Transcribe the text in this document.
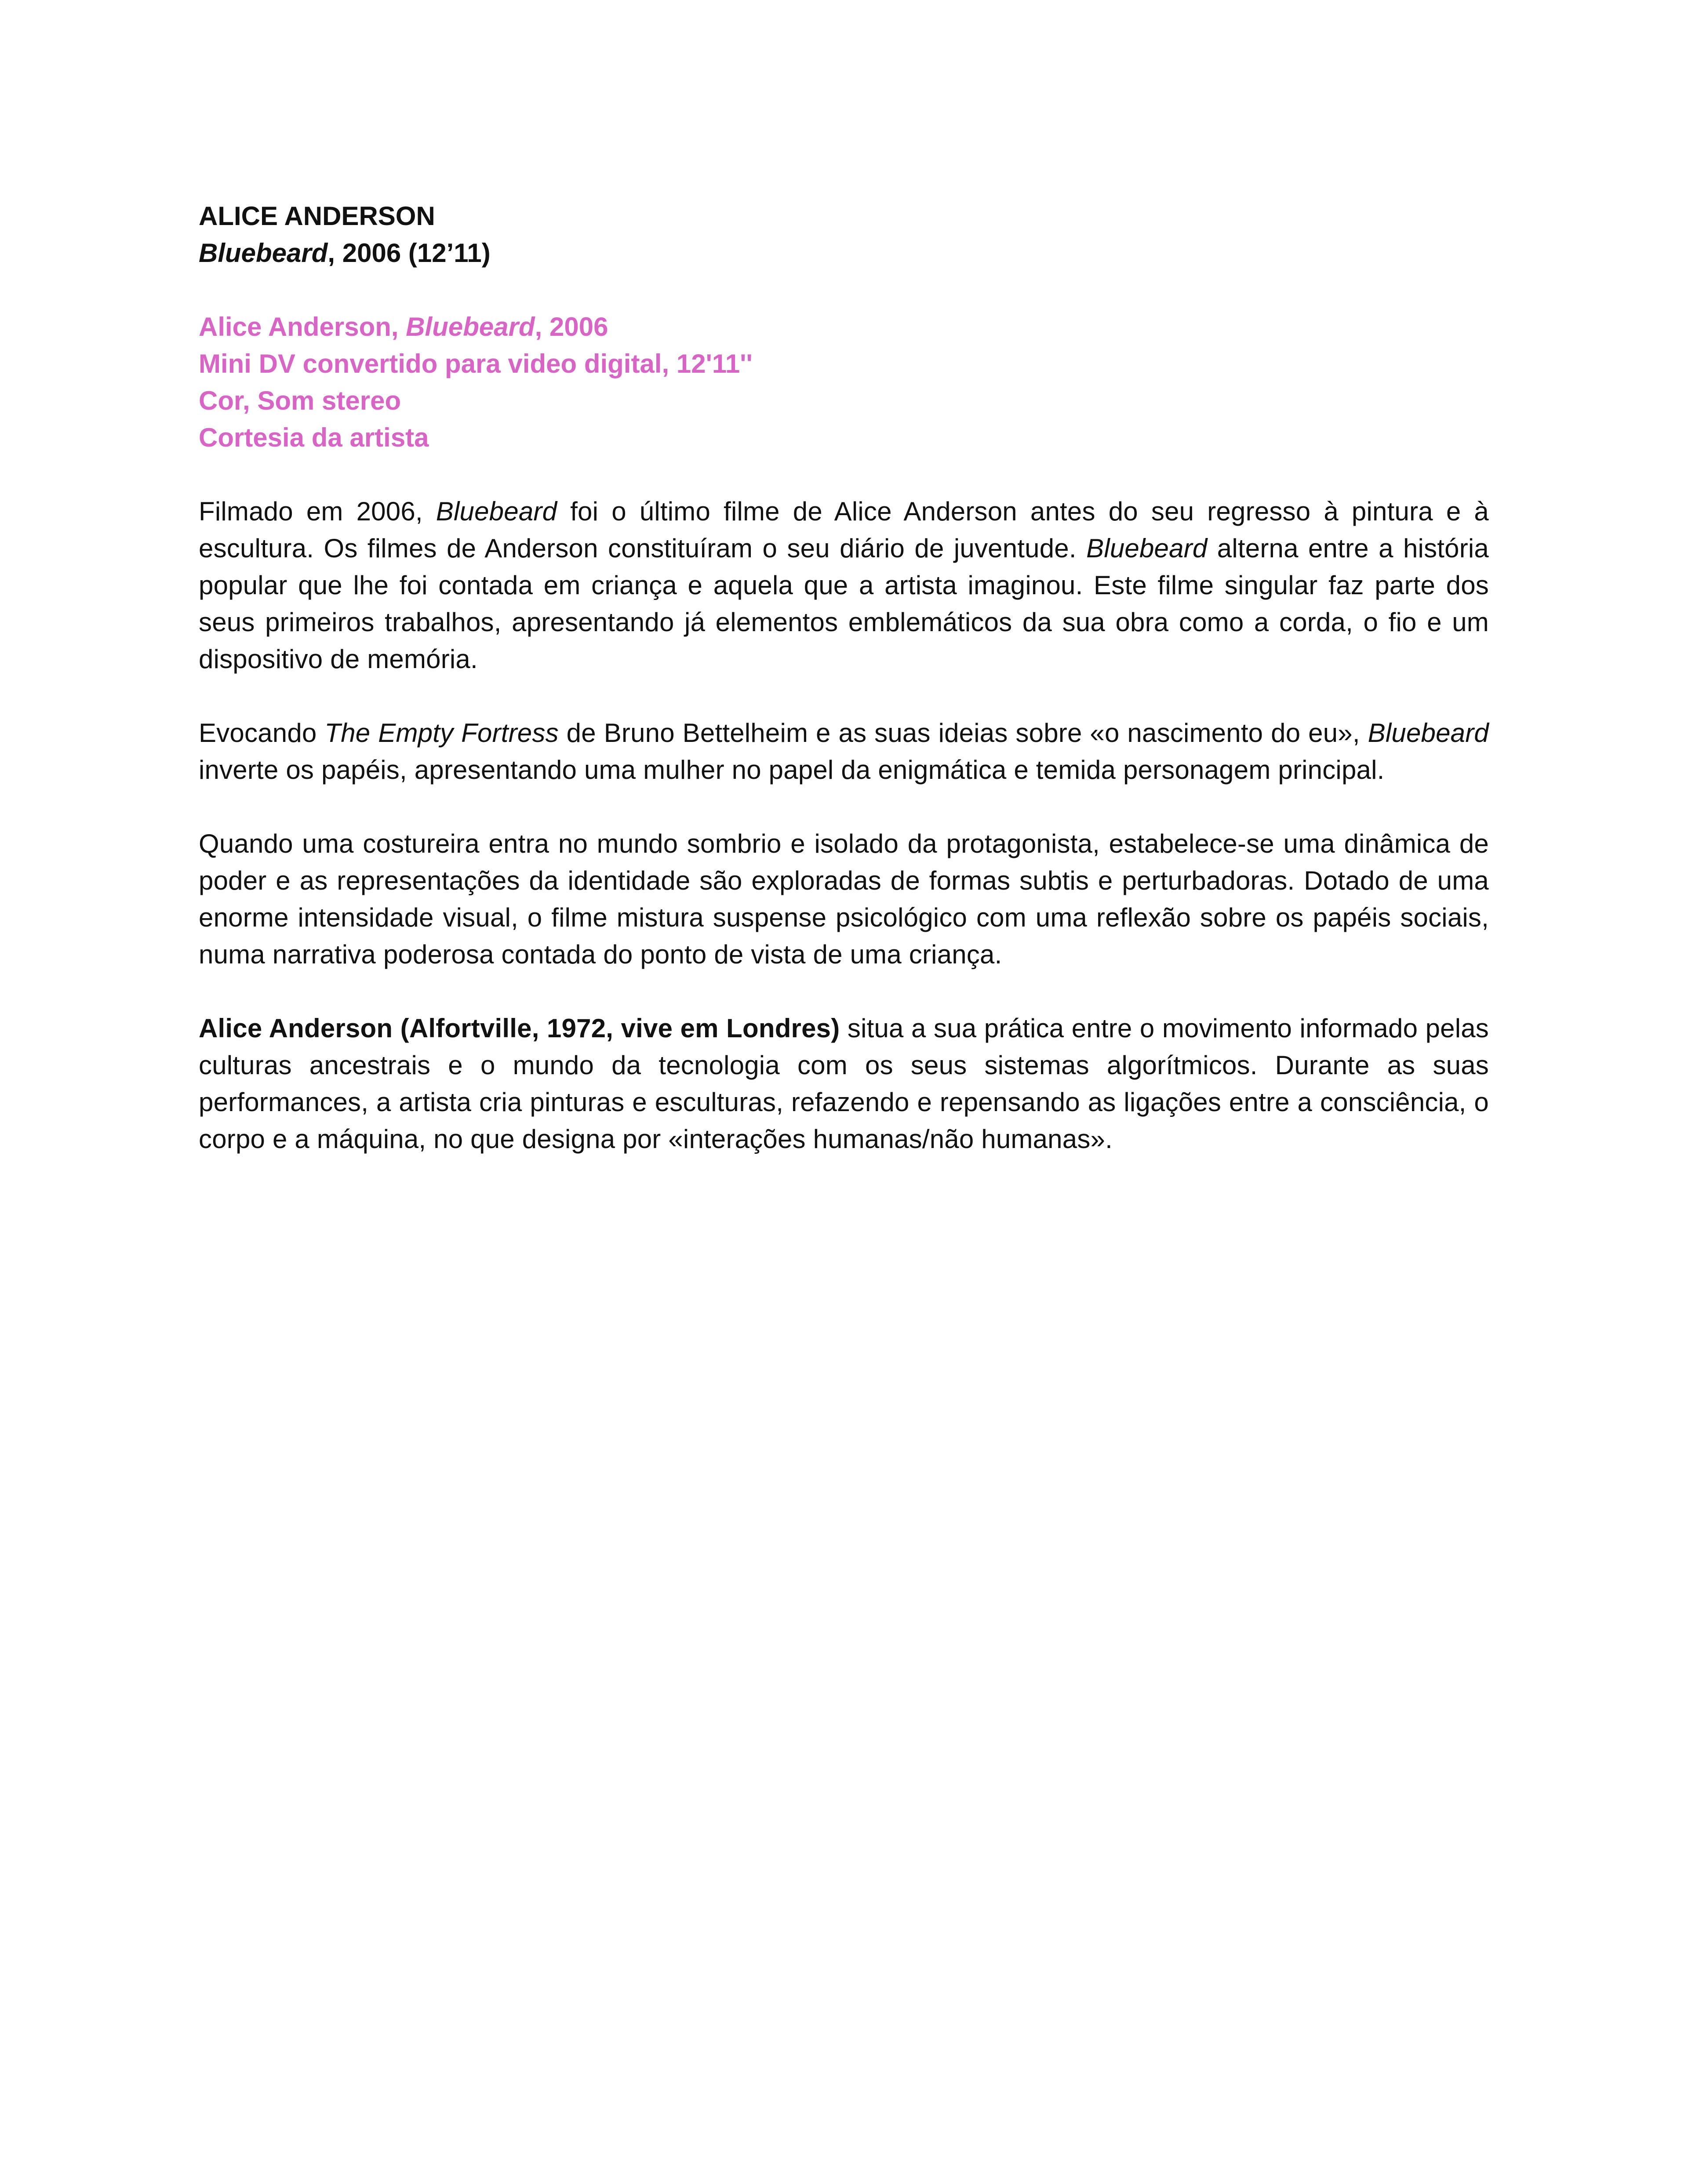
ALICE ANDERSON

Bluebeard, 2006 (12’11)

Alice Anderson, Bluebeard, 2006

Mini DV convertido para video digital, 12'11''

Cor, Som stereo

Cortesia da artista

Filmado em 2006, Bluebeard foi o último filme de Alice Anderson antes do seu regresso à pintura e à escultura. Os filmes de Anderson constituíram o seu diário de juventude. Bluebeard alterna entre a história popular que lhe foi contada em criança e aquela que a artista imaginou. Este filme singular faz parte dos seus primeiros trabalhos, apresentando já elementos emblemáticos da sua obra como a corda, o fio e um dispositivo de memória.

Evocando The Empty Fortress de Bruno Bettelheim e as suas ideias sobre «o nascimento do eu», Bluebeard inverte os papéis, apresentando uma mulher no papel da enigmática e temida personagem principal.

Quando uma costureira entra no mundo sombrio e isolado da protagonista, estabelece-se uma dinâmica de poder e as representações da identidade são exploradas de formas subtis e perturbadoras. Dotado de uma enorme intensidade visual, o filme mistura suspense psicológico com uma reflexão sobre os papéis sociais, numa narrativa poderosa contada do ponto de vista de uma criança.

Alice Anderson (Alfortville, 1972, vive em Londres) situa a sua prática entre o movimento informado pelas culturas ancestrais e o mundo da tecnologia com os seus sistemas algorítmicos. Durante as suas performances, a artista cria pinturas e esculturas, refazendo e repensando as ligações entre a consciência, o corpo e a máquina, no que designa por «interações humanas/não humanas».
